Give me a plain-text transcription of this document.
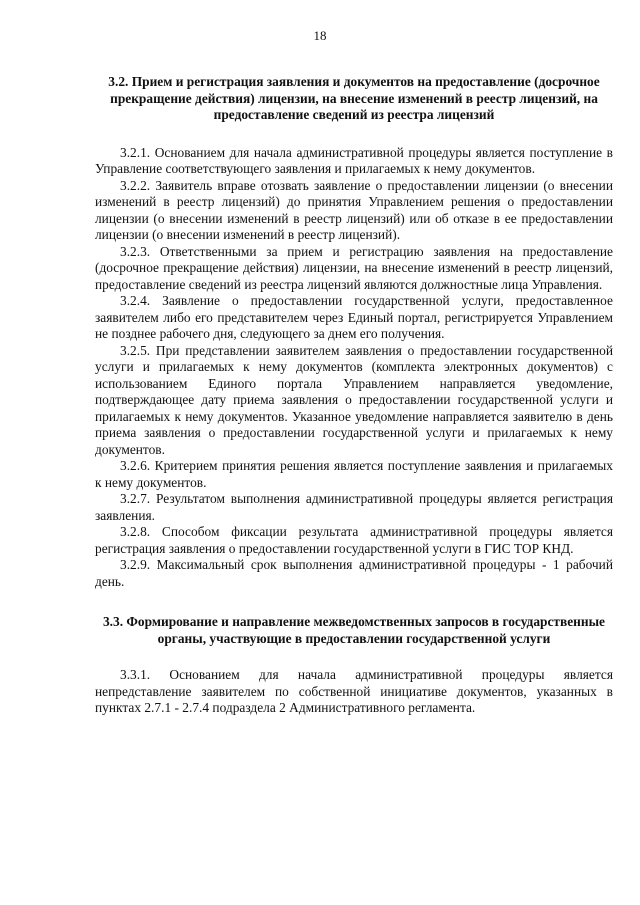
18

3.2. Прием и регистрация заявления и документов на предоставление (досрочное прекращение действия) лицензии, на внесение изменений в реестр лицензий, на предоставление сведений из реестра лицензий

3.2.1. Основанием для начала административной процедуры является поступление в Управление соответствующего заявления и прилагаемых к нему документов.

3.2.2. Заявитель вправе отозвать заявление о предоставлении лицензии (о внесении изменений в реестр лицензий) до принятия Управлением решения о предоставлении лицензии (о внесении изменений в реестр лицензий) или об отказе в ее предоставлении лицензии (о внесении изменений в реестр лицензий).

3.2.3. Ответственными за прием и регистрацию заявления на предоставление (досрочное прекращение действия) лицензии, на внесение изменений в реестр лицензий, предоставление сведений из реестра лицензий являются должностные лица Управления.

3.2.4. Заявление о предоставлении государственной услуги, предоставленное заявителем либо его представителем через Единый портал, регистрируется Управлением не позднее рабочего дня, следующего за днем его получения.

3.2.5. При представлении заявителем заявления о предоставлении государственной услуги и прилагаемых к нему документов (комплекта электронных документов) с использованием Единого портала Управлением направляется уведомление, подтверждающее дату приема заявления о предоставлении государственной услуги и прилагаемых к нему документов. Указанное уведомление направляется заявителю в день приема заявления о предоставлении государственной услуги и прилагаемых к нему документов.

3.2.6. Критерием принятия решения является поступление заявления и прилагаемых к нему документов.

3.2.7. Результатом выполнения административной процедуры является регистрация заявления.

3.2.8. Способом фиксации результата административной процедуры является регистрация заявления о предоставлении государственной услуги в ГИС ТОР КНД.

3.2.9. Максимальный срок выполнения административной процедуры - 1 рабочий день.

3.3. Формирование и направление межведомственных запросов в государственные органы, участвующие в предоставлении государственной услуги

3.3.1. Основанием для начала административной процедуры является непредставление заявителем по собственной инициативе документов, указанных в пунктах 2.7.1 - 2.7.4 подраздела 2 Административного регламента.
